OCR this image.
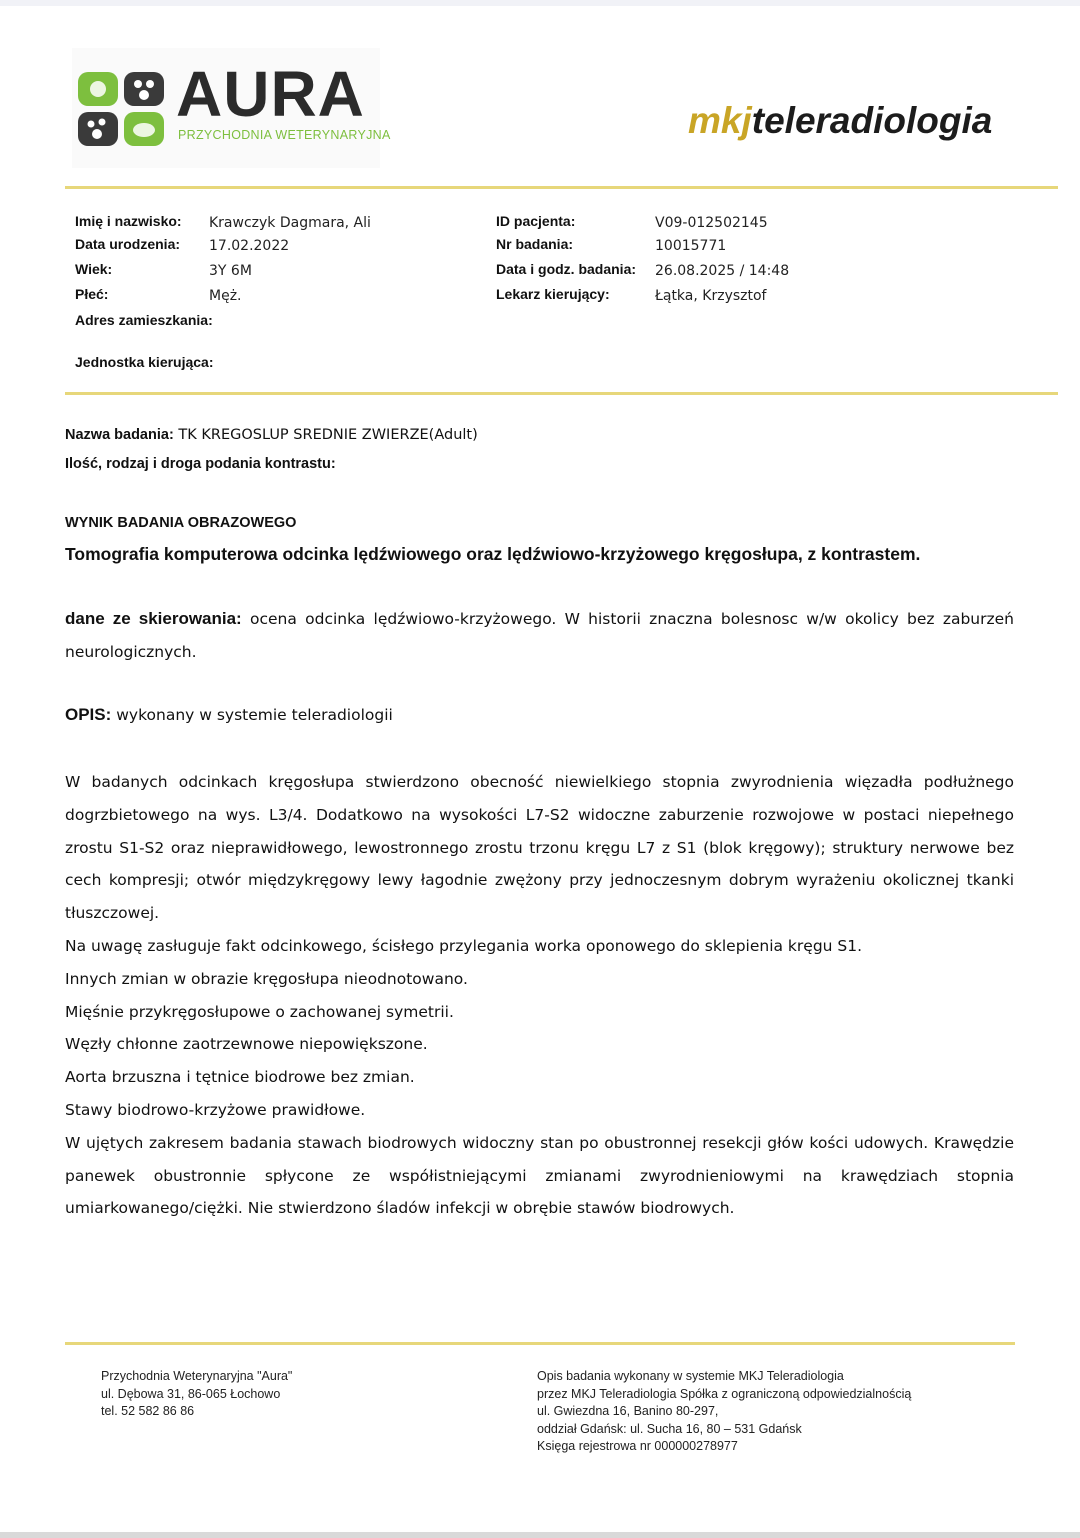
AURA
PRZYCHODNIA WETERYNARYJNA	mkjteleradiologia
Imię i nazwisko: Krawczyk Dagmara, Ali
Data urodzenia: 17.02.2022
Wiek:	3Y 6M
Płeć:	Męż.
Adres zamieszkania:
Jednostka kierująca:
ID pacjenta:	V09-012502145
Nr badania:	10015771
Data i godz. badania: 26.08.2025 / 14:48
Lekarz kierujący:	Łątka, Krzysztof
Nazwa badania: TK KREGOSLUP SREDNIE ZWIERZE(Adult)
Ilość, rodzaj i droga podania kontrastu:
WYNIK BADANIA OBRAZOWEGO
Tomografia komputerowa odcinka lędźwiowego oraz lędźwiowo-krzyżowego kręgosłupa, z kontrastem.
dane ze skierowania: ocena odcinka lędźwiowo-krzyżowego. W historii znaczna bolesnosc w/w okolicy bez zaburzeń neurologicznych.
OPIS: wykonany w systemie teleradiologii

W badanych odcinkach kręgosłupa stwierdzono obecność niewielkiego stopnia zwyrodnienia więzadła podłużnego dogrzbietowego na wys. L3/4. Dodatkowo na wysokości L7-S2 widoczne zaburzenie rozwojowe w postaci niepełnego zrostu S1-S2 oraz nieprawidłowego, lewostronnego zrostu trzonu kręgu L7 z S1 (blok kręgowy); struktury nerwowe bez cech kompresji; otwór międzykręgowy lewy łagodnie zwężony przy jednoczesnym dobrym wyrażeniu okolicznej tkanki tłuszczowej.

Na uwagę zasługuje fakt odcinkowego, ścisłego przylegania worka oponowego do sklepienia kręgu S1.

Innych zmian w obrazie kręgosłupa nieodnotowano.

Mięśnie przykręgosłupowe o zachowanej symetrii.

Węzły chłonne zaotrzewnowe niepowiększone.

Aorta brzuszna i tętnice biodrowe bez zmian.

Stawy biodrowo-krzyżowe prawidłowe.

W ujętych zakresem badania stawach biodrowych widoczny stan po obustronnej resekcji głów kości udowych. Krawędzie panewek obustronnie spłycone ze współistniejącymi zmianami zwyrodnieniowymi na krawędziach stopnia umiarkowanego/ciężki. Nie stwierdzono śladów infekcji w obrębie stawów biodrowych.

Przychodnia Weterynaryjna "Aura"
ul. Dębowa 31, 86-065 Łochowo
tel. 52 582 86 86
Opis badania wykonany w systemie MKJ Teleradiologia
przez MKJ Teleradiologia Spółka z ograniczoną odpowiedzialnością
ul. Gwiezdna 16, Banino 80-297,
oddział Gdańsk: ul. Sucha 16, 80 – 531 Gdańsk
Księga rejestrowa nr 000000278977
